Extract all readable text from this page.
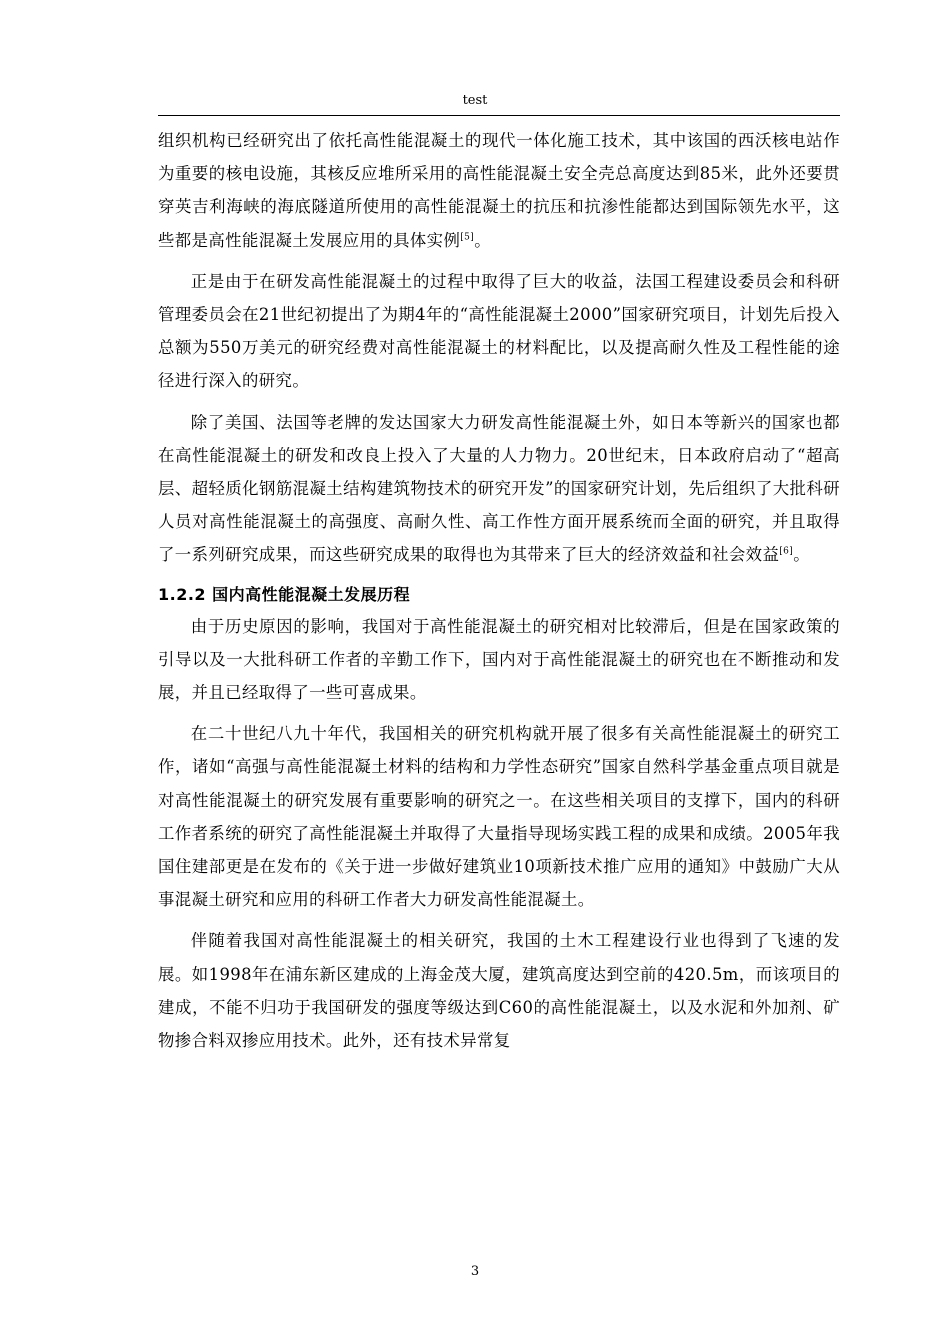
test

组织机构已经研究出了依托高性能混凝土的现代一体化施工技术，其中该国的西沃核电站作为重要的核电设施，其核反应堆所采用的高性能混凝土安全壳总高度达到85米，此外还要贯穿英吉利海峡的海底隧道所使用的高性能混凝土的抗压和抗渗性能都达到国际领先水平，这些都是高性能混凝土发展应用的具体实例[5]。

正是由于在研发高性能混凝土的过程中取得了巨大的收益，法国工程建设委员会和科研管理委员会在21世纪初提出了为期4年的“高性能混凝土2000”国家研究项目，计划先后投入总额为550万美元的研究经费对高性能混凝土的材料配比，以及提高耐久性及工程性能的途径进行深入的研究。

除了美国、法国等老牌的发达国家大力研发高性能混凝土外，如日本等新兴的国家也都在高性能混凝土的研发和改良上投入了大量的人力物力。20世纪末，日本政府启动了“超高层、超轻质化钢筋混凝土结构建筑物技术的研究开发”的国家研究计划，先后组织了大批科研人员对高性能混凝土的高强度、高耐久性、高工作性方面开展系统而全面的研究，并且取得了一系列研究成果，而这些研究成果的取得也为其带来了巨大的经济效益和社会效益[6]。

1.2.2 国内高性能混凝土发展历程

由于历史原因的影响，我国对于高性能混凝土的研究相对比较滞后，但是在国家政策的引导以及一大批科研工作者的辛勤工作下，国内对于高性能混凝土的研究也在不断推动和发展，并且已经取得了一些可喜成果。

在二十世纪八九十年代，我国相关的研究机构就开展了很多有关高性能混凝土的研究工作，诸如“高强与高性能混凝土材料的结构和力学性态研究”国家自然科学基金重点项目就是对高性能混凝土的研究发展有重要影响的研究之一。在这些相关项目的支撑下，国内的科研工作者系统的研究了高性能混凝土并取得了大量指导现场实践工程的成果和成绩。2005年我国住建部更是在发布的《关于进一步做好建筑业10项新技术推广应用的通知》中鼓励广大从事混凝土研究和应用的科研工作者大力研发高性能混凝土。

伴随着我国对高性能混凝土的相关研究，我国的土木工程建设行业也得到了飞速的发展。如1998年在浦东新区建成的上海金茂大厦，建筑高度达到空前的420.5m，而该项目的建成，不能不归功于我国研发的强度等级达到C60的高性能混凝土，以及水泥和外加剂、矿物掺合料双掺应用技术。此外，还有技术异常复

3
